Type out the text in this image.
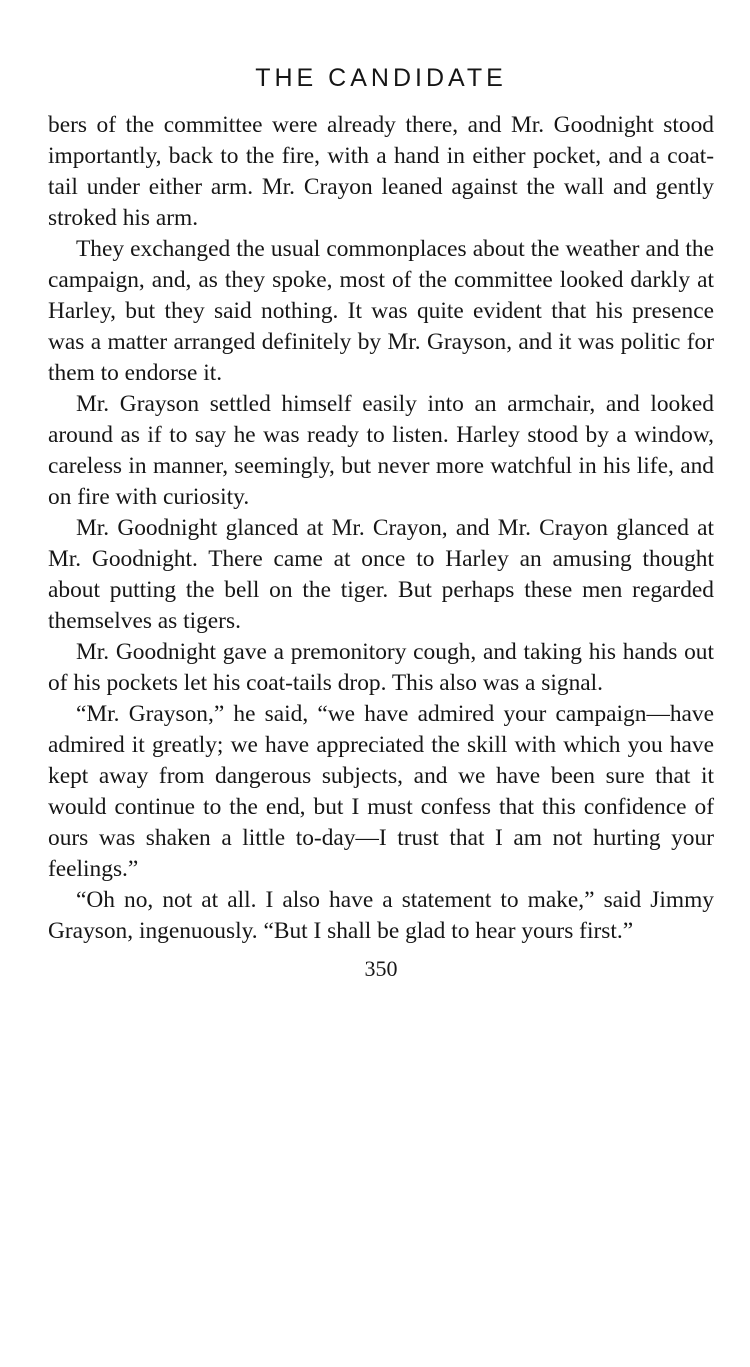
THE CANDIDATE

bers of the committee were already there, and Mr. Goodnight stood importantly, back to the fire, with a hand in either pocket, and a coat-tail under either arm. Mr. Crayon leaned against the wall and gently stroked his arm.

They exchanged the usual commonplaces about the weather and the campaign, and, as they spoke, most of the committee looked darkly at Harley, but they said nothing. It was quite evident that his presence was a matter arranged definitely by Mr. Grayson, and it was politic for them to endorse it.

Mr. Grayson settled himself easily into an armchair, and looked around as if to say he was ready to listen. Harley stood by a window, careless in manner, seemingly, but never more watchful in his life, and on fire with curiosity.

Mr. Goodnight glanced at Mr. Crayon, and Mr. Crayon glanced at Mr. Goodnight. There came at once to Harley an amusing thought about putting the bell on the tiger. But perhaps these men regarded themselves as tigers.

Mr. Goodnight gave a premonitory cough, and taking his hands out of his pockets let his coat-tails drop. This also was a signal.

“Mr. Grayson,” he said, “we have admired your campaign—have admired it greatly; we have appreciated the skill with which you have kept away from dangerous subjects, and we have been sure that it would continue to the end, but I must confess that this confidence of ours was shaken a little to-day—I trust that I am not hurting your feelings.”

“Oh no, not at all. I also have a statement to make,” said Jimmy Grayson, ingenuously. “But I shall be glad to hear yours first.”

350
